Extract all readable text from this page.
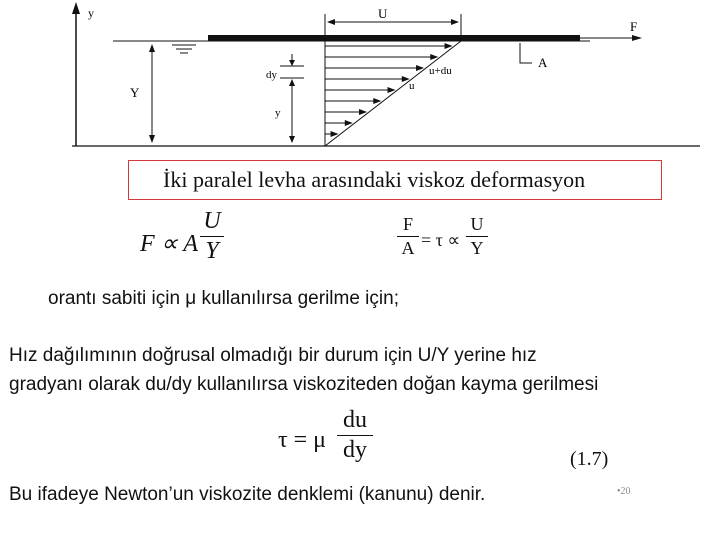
y
F
A
U
Y
dy
y
u+du
u
İki paralel levha arasındaki viskoz deformasyon
F ∝ A
U
Y
F
A = τ ∝
U
Y
orantı sabiti için μ kullanılırsa gerilme için;
Hız dağılımının doğrusal olmadığı bir durum için U/Y yerine hız
gradyanı olarak du/dy kullanılırsa viskoziteden doğan kayma gerilmesi
τ = μ
du
dy	(1.7)
Bu ifadeye Newton’un viskozite denklemi (kanunu) denir.	•20
